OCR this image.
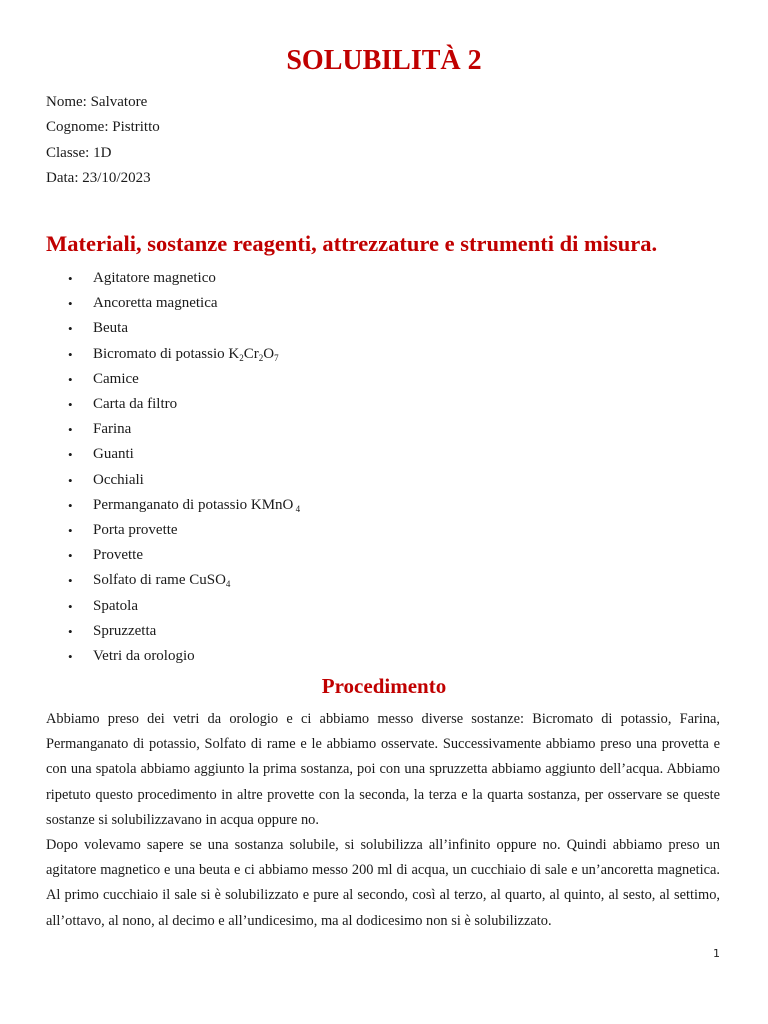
SOLUBILITÀ 2
Nome: Salvatore
Cognome: Pistritto
Classe: 1D
Data: 23/10/2023
Materiali, sostanze reagenti, attrezzature e strumenti di misura.
• Agitatore magnetico
• Ancoretta magnetica
• Beuta
• Bicromato di potassio $K_2Cr_2O_7$
• Camice
• Carta da filtro
• Farina
• Guanti
• Occhiali
• Permanganato di potassio KMnO $_4$
• Porta provette
• Provette
• Solfato di rame CuSO$_4$
• Spatola
• Spruzzetta
• Vetri da orologio
Procedimento

Abbiamo preso dei vetri da orologio e ci abbiamo messo diverse sostanze: Bicromato di potassio, Farina, Permanganato di potassio, Solfato di rame e le abbiamo osservate. Successivamente abbiamo preso una provetta e con una spatola abbiamo aggiunto la prima sostanza, poi con una spruzzetta abbiamo aggiunto dell’acqua. Abbiamo ripetuto questo procedimento in altre provette con la seconda, la terza e la quarta sostanza, per osservare se queste sostanze si solubilizzavano in acqua oppure no.

Dopo volevamo sapere se una sostanza solubile, si solubilizza all’infinito oppure no. Quindi abbiamo preso un agitatore magnetico e una beuta e ci abbiamo messo 200 ml di acqua, un cucchiaio di sale e un’ancoretta magnetica. Al primo cucchiaio il sale si è solubilizzato e pure al secondo, così al terzo, al quarto, al quinto, al sesto, al settimo, all’ottavo, al nono, al decimo e all’undicesimo, ma al dodicesimo non si è solubilizzato.

1
